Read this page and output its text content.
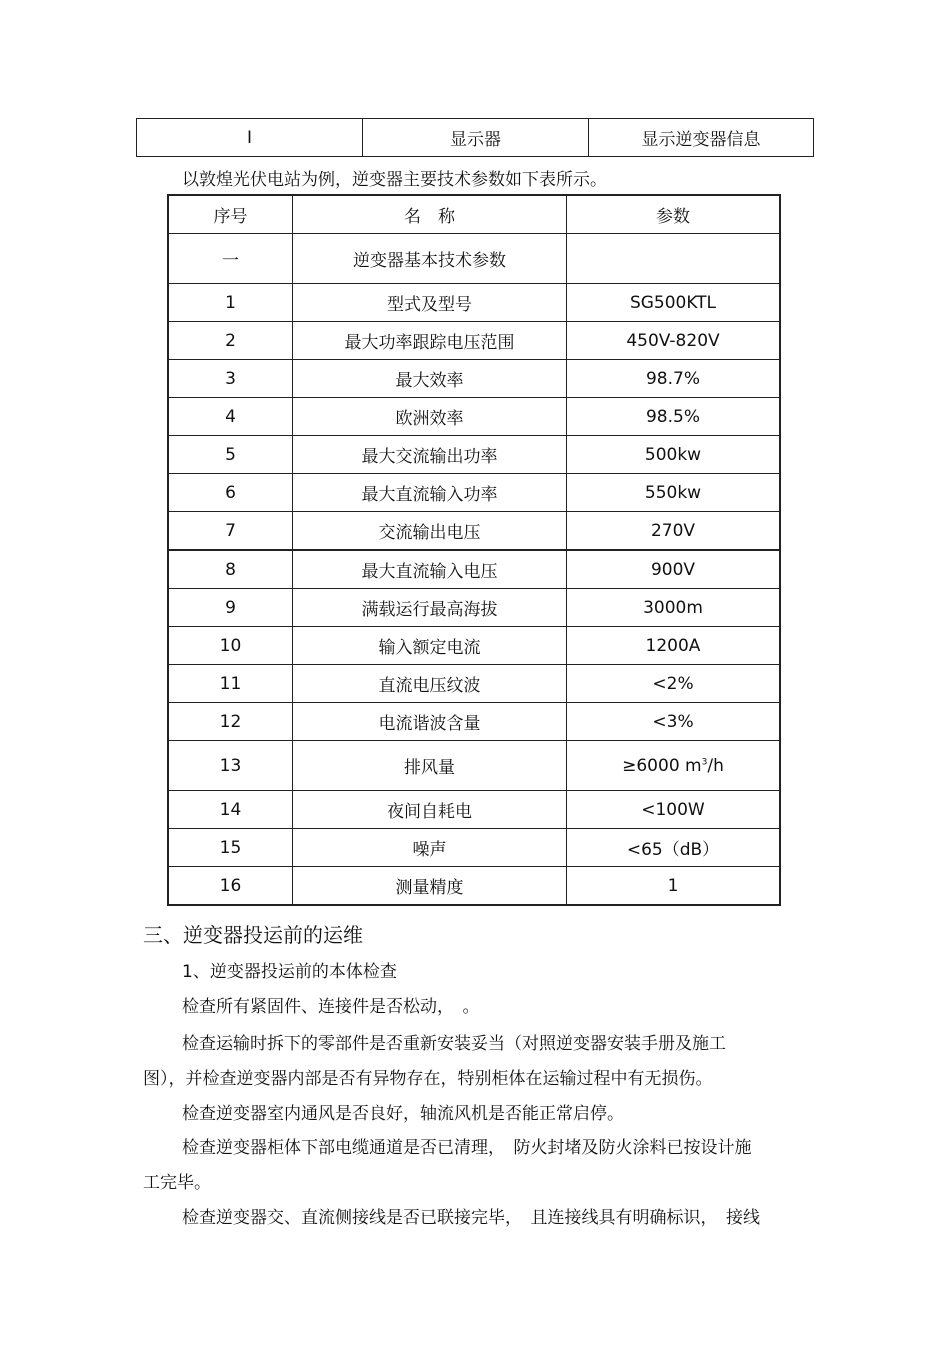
I	显示器	显示逆变器信息
以敦煌光伏电站为例，逆变器主要技术参数如下表所示。
序号	名　称	参数
一	逆变器基本技术参数	
1	型式及型号	SG500KTL
2	最大功率跟踪电压范围	450V-820V
3	最大效率	98.7%
4	欧洲效率	98.5%
5	最大交流输出功率	500kw
6	最大直流输入功率	550kw
7	交流输出电压	270V
8	最大直流输入电压	900V
9	满载运行最高海拔	3000m
10	输入额定电流	1200A
11	直流电压纹波	<2%
12	电流谐波含量	<3%
13	排风量	≥6000 $m^3/h$
14	夜间自耗电	<100W
15	噪声	<65（dB）
16	测量精度	1
三、逆变器投运前的运维
1、逆变器投运前的本体检查
检查所有紧固件、连接件是否松动，　。
检查运输时拆下的零部件是否重新安装妥当（对照逆变器安装手册及施工
图），并检查逆变器内部是否有异物存在，特别柜体在运输过程中有无损伤。
检查逆变器室内通风是否良好，轴流风机是否能正常启停。
检查逆变器柜体下部电缆通道是否已清理，　防火封堵及防火涂料已按设计施
工完毕。
检查逆变器交、直流侧接线是否已联接完毕，　且连接线具有明确标识，　接线
